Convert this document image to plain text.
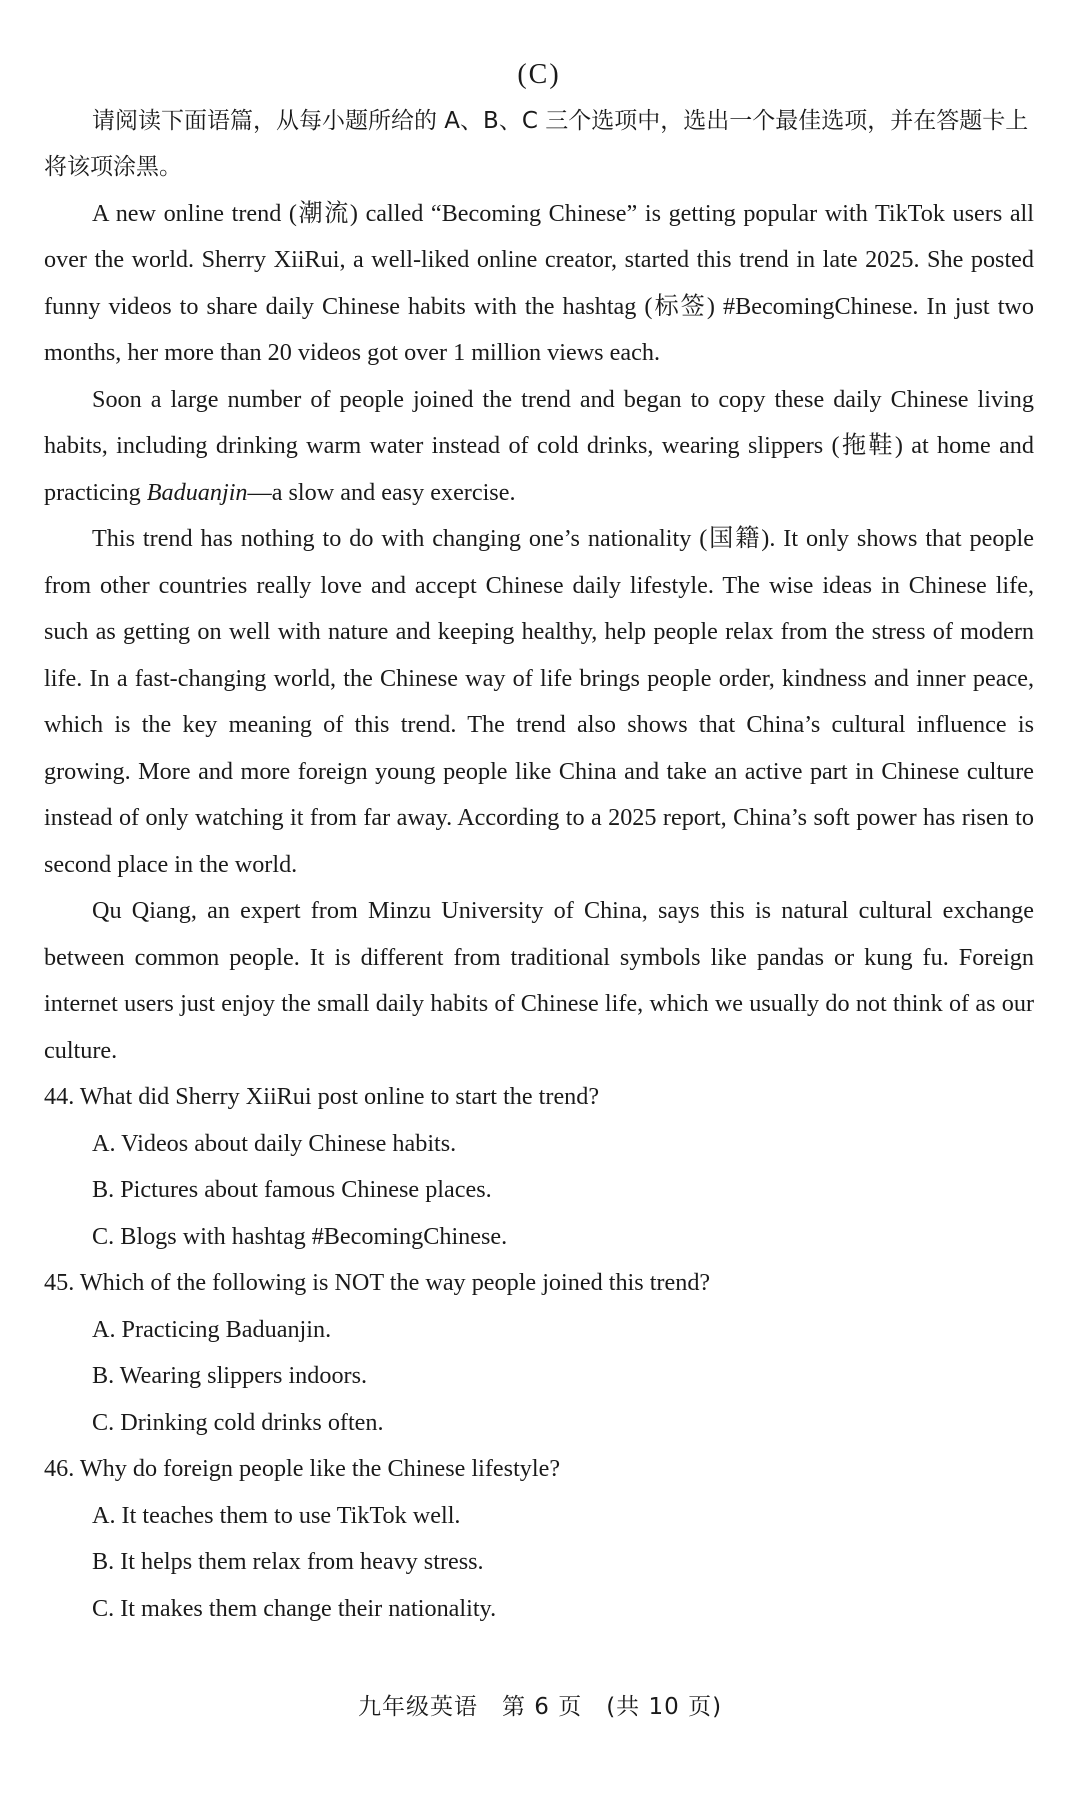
(C)

请阅读下面语篇，从每小题所给的 A、B、C 三个选项中，选出一个最佳选项，并在答题卡上将该项涂黑。

A new online trend (潮流) called “Becoming Chinese” is getting popular with TikTok users all over the world. Sherry XiiRui, a well-liked online creator, started this trend in late 2025. She posted funny videos to share daily Chinese habits with the hashtag (标签) #BecomingChinese. In just two months, her more than 20 videos got over 1 million views each.

Soon a large number of people joined the trend and began to copy these daily Chinese living habits, including drinking warm water instead of cold drinks, wearing slippers (拖鞋) at home and practicing Baduanjin—a slow and easy exercise.

This trend has nothing to do with changing one’s nationality (国籍). It only shows that people from other countries really love and accept Chinese daily lifestyle. The wise ideas in Chinese life, such as getting on well with nature and keeping healthy, help people relax from the stress of modern life. In a fast-changing world, the Chinese way of life brings people order, kindness and inner peace, which is the key meaning of this trend. The trend also shows that China’s cultural influence is growing. More and more foreign young people like China and take an active part in Chinese culture instead of only watching it from far away. According to a 2025 report, China’s soft power has risen to second place in the world.

Qu Qiang, an expert from Minzu University of China, says this is natural cultural exchange between common people. It is different from traditional symbols like pandas or kung fu. Foreign internet users just enjoy the small daily habits of Chinese life, which we usually do not think of as our culture.

44. What did Sherry XiiRui post online to start the trend?

A. Videos about daily Chinese habits.

B. Pictures about famous Chinese places.

C. Blogs with hashtag #BecomingChinese.

45. Which of the following is NOT the way people joined this trend?

A. Practicing Baduanjin.

B. Wearing slippers indoors.

C. Drinking cold drinks often.

46. Why do foreign people like the Chinese lifestyle?

A. It teaches them to use TikTok well.

B. It helps them relax from heavy stress.

C. It makes them change their nationality.

九年级英语　第 6 页　(共 10 页)
